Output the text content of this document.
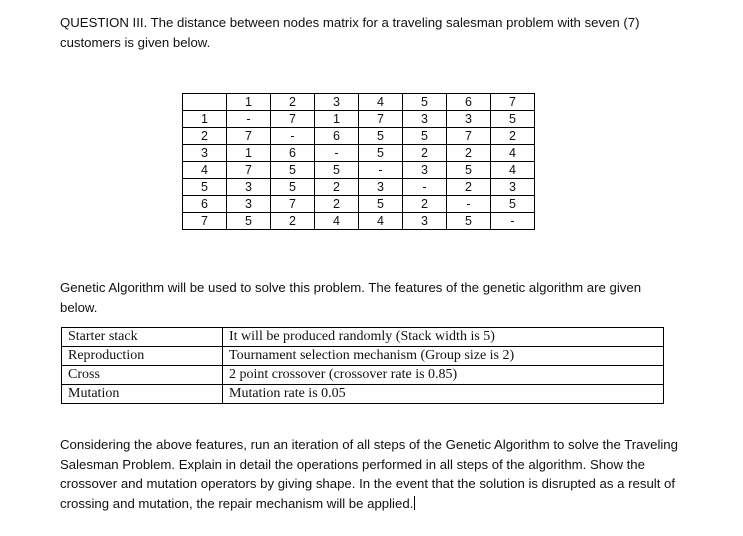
QUESTION III. The distance between nodes matrix for a traveling salesman problem with seven (7) customers is given below.

	1	2	3	4	5	6	7
1	-	7	1	7	3	3	5
2	7	-	6	5	5	7	2
3	1	6	-	5	2	2	4
4	7	5	5	-	3	5	4
5	3	5	2	3	-	2	3
6	3	7	2	5	2	-	5
7	5	2	4	4	3	5	-

Genetic Algorithm will be used to solve this problem. The features of the genetic algorithm are given below.

Starter stack	It will be produced randomly (Stack width is 5)
Reproduction	Tournament selection mechanism (Group size is 2)
Cross	2 point crossover (crossover rate is 0.85)
Mutation	Mutation rate is 0.05

Considering the above features, run an iteration of all steps of the Genetic Algorithm to solve the Traveling Salesman Problem. Explain in detail the operations performed in all steps of the algorithm. Show the crossover and mutation operators by giving shape. In the event that the solution is disrupted as a result of crossing and mutation, the repair mechanism will be applied.
